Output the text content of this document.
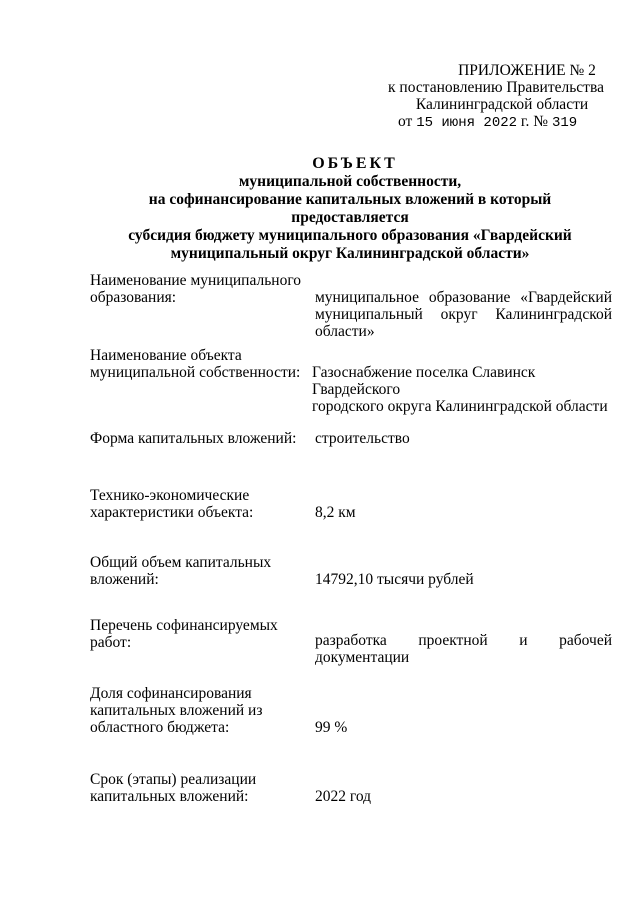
ПРИЛОЖЕНИЕ № 2
к постановлению Правительства
Калининградской области
от 15 июня 2022 г. № 319
ОБЪЕКТ
муниципальной собственности,
на софинансирование капитальных вложений в который предоставляется
субсидия бюджету муниципального образования «Гвардейский
муниципальный округ Калининградской области»
Наименование муниципального
образования:	муниципальное образование «Гвардейский
муниципальный округ Калининградской
области»
Наименование объекта
муниципальной собственности: Газоснабжение поселка Славинск Гвардейского
городского округа Калининградской области
Форма капитальных вложений:	строительство
Технико-экономические
характеристики объекта:	8,2 км
Общий объем капитальных
вложений:	14792,10 тысячи рублей
Перечень софинансируемых
работ:	разработка проектной и рабочей
документации
Доля софинансирования
капитальных вложений из
областного бюджета:	99 %
Срок (этапы) реализации
капитальных вложений:	2022 год
